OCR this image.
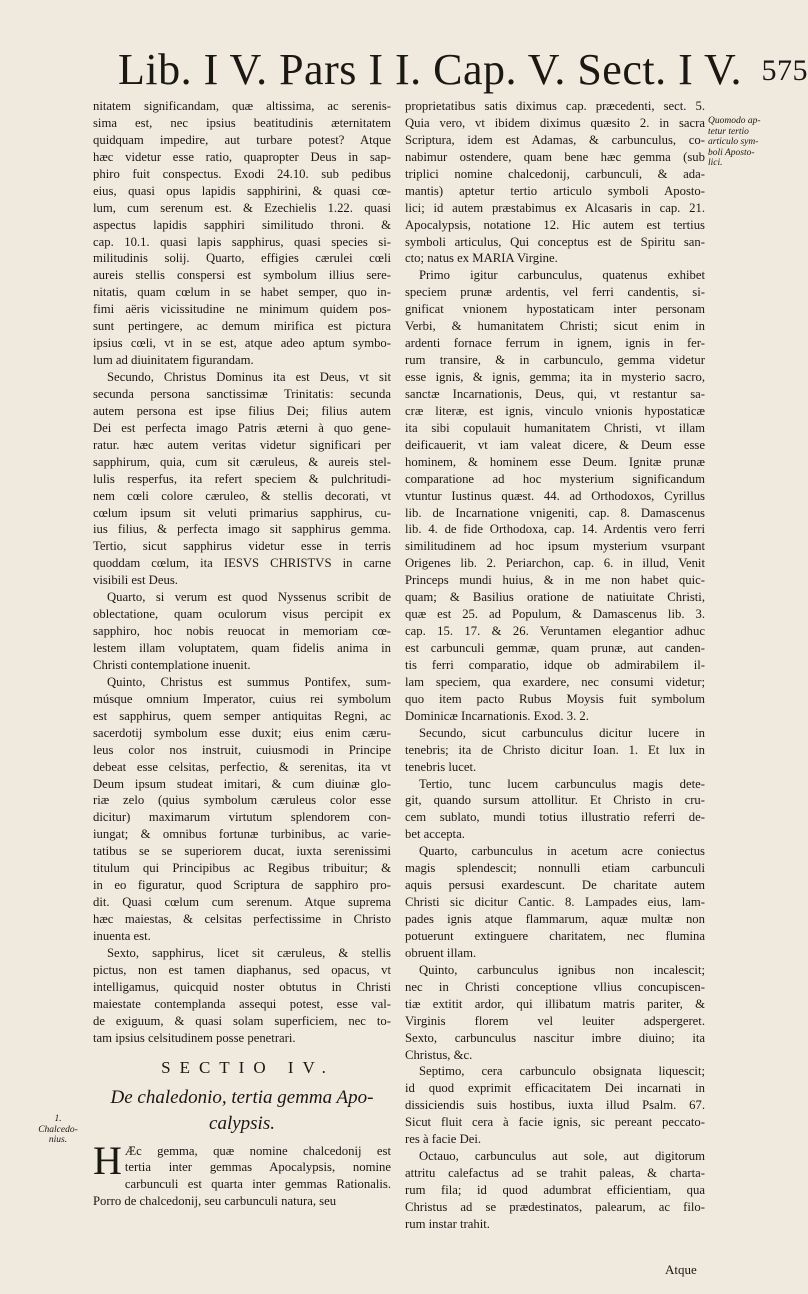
Lib. I V. Pars I I. Cap. V. Sect. I V. 575
Quomodo ap-
tetur tertio
articulo sym-
boli Aposto-
lici.
nitatem significandam, quæ altissima, ac serenis-
sima est, nec ipsius beatitudinis æternitatem
quidquam impedire, aut turbare potest? Atque
hæc videtur esse ratio, quapropter Deus in sap-
phiro fuit conspectus. Exodi 24.10. sub pedibus
eius, quasi opus lapidis sapphirini, & quasi cœ-
lum, cum serenum est. & Ezechielis 1.22. quasi
aspectus lapidis sapphiri similitudo throni. &
cap. 10.1. quasi lapis sapphirus, quasi species si-
militudinis solij. Quarto, effigies cærulei cœli
aureis stellis conspersi est symbolum illius sere-
nitatis, quam cœlum in se habet semper, quo in-
fimi aëris vicissitudine ne minimum quidem pos-
sunt pertingere, ac demum mirifica est pictura
ipsius cœli, vt in se est, atque adeo aptum symbo-
lum ad diuinitatem figurandam.
Secundo, Christus Dominus ita est Deus, vt sit
secunda persona sanctissimæ Trinitatis: secunda
autem persona est ipse filius Dei; filius autem
Dei est perfecta imago Patris æterni à quo gene-
ratur. hæc autem veritas videtur significari per
sapphirum, quia, cum sit cæruleus, & aureis stel-
lulis resperfus, ita refert speciem & pulchritudi-
nem cœli colore cæruleo, & stellis decorati, vt
cœlum ipsum sit veluti primarius sapphirus, cu-
ius filius, & perfecta imago sit sapphirus gemma.
Tertio, sicut sapphirus videtur esse in terris
quoddam cœlum, ita IESVS CHRISTVS in carne
visibili est Deus.
Quarto, si verum est quod Nyssenus scribit de
oblectatione, quam oculorum visus percipit ex
sapphiro, hoc nobis reuocat in memoriam cœ-
lestem illam voluptatem, quam fidelis anima in
Christi contemplatione inuenit.
Quinto, Christus est summus Pontifex, sum-
músque omnium Imperator, cuius rei symbolum
est sapphirus, quem semper antiquitas Regni, ac
sacerdotij symbolum esse duxit; eius enim cæru-
leus color nos instruit, cuiusmodi in Principe
debeat esse celsitas, perfectio, & serenitas, ita vt
Deum ipsum studeat imitari, & cum diuinæ glo-
riæ zelo (quius symbolum cæruleus color esse
dicitur) maximarum virtutum splendorem con-
iungat; & omnibus fortunæ turbinibus, ac varie-
tatibus se se superiorem ducat, iuxta serenissimi
titulum qui Principibus ac Regibus tribuitur; &
in eo figuratur, quod Scriptura de sapphiro pro-
dit. Quasi cœlum cum serenum. Atque suprema
hæc maiestas, & celsitas perfectissime in Christo
inuenta est.
Sexto, sapphirus, licet sit cæruleus, & stellis
pictus, non est tamen diaphanus, sed opacus, vt
intelligamus, quicquid noster obtutus in Christi
maiestate contemplanda assequi potest, esse val-
de exiguum, & quasi solam superficiem, nec to-
tam ipsius celsitudinem posse penetrari.
SECTIO IV.
De chaledonio, tertia gemma Apo-
calypsis.
H Æc gemma, quæ nomine chalcedonij est
tertia inter gemmas Apocalypsis, nomine
carbunculi est quarta inter gemmas Rationalis.
Porro de chalcedonij, seu carbunculi natura, seu
1.
Chalcedo-
nius.
proprietatibus satis diximus cap. præcedenti, sect. 5.
Quia vero, vt ibidem diximus quæsito 2. in sacra
Scriptura, idem est Adamas, & carbunculus, co-
nabimur ostendere, quam bene hæc gemma (sub
triplici nomine chalcedonij, carbunculi, & ada-
mantis) aptetur tertio articulo symboli Aposto-
lici; id autem præstabimus ex Alcasaris in cap. 21.
Apocalypsis, notatione 12. Hic autem est tertius
symboli articulus, Qui conceptus est de Spiritu san-
cto; natus ex MARIA Virgine.
Primo igitur carbunculus, quatenus exhibet
speciem prunæ ardentis, vel ferri candentis, si-
gnificat vnionem hypostaticam inter personam
Verbi, & humanitatem Christi; sicut enim in
ardenti fornace ferrum in ignem, ignis in fer-
rum transire, & in carbunculo, gemma videtur
esse ignis, & ignis, gemma; ita in mysterio sacro,
sanctæ Incarnationis, Deus, qui, vt restantur sa-
cræ literæ, est ignis, vinculo vnionis hypostaticæ
ita sibi copulauit humanitatem Christi, vt illam
deificauerit, vt iam valeat dicere, & Deum esse
hominem, & hominem esse Deum. Ignitæ prunæ
comparatione ad hoc mysterium significandum
vtuntur Iustinus quæst. 44. ad Orthodoxos, Cyrillus
lib. de Incarnatione vnigeniti, cap. 8. Damascenus
lib. 4. de fide Orthodoxa, cap. 14. Ardentis vero ferri
similitudinem ad hoc ipsum mysterium vsurpant
Origenes lib. 2. Periarchon, cap. 6. in illud, Venit
Princeps mundi huius, & in me non habet quic-
quam; & Basilius oratione de natiuitate Christi,
quæ est 25. ad Populum, & Damascenus lib. 3.
cap. 15. 17. & 26. Veruntamen elegantior adhuc
est carbunculi gemmæ, quam prunæ, aut canden-
tis ferri comparatio, idque ob admirabilem il-
lam speciem, qua exardere, nec consumi videtur;
quo item pacto Rubus Moysis fuit symbolum
Dominicæ Incarnationis. Exod. 3. 2.
Secundo, sicut carbunculus dicitur lucere in
tenebris; ita de Christo dicitur Ioan. 1. Et lux in
tenebris lucet.
Tertio, tunc lucem carbunculus magis dete-
git, quando sursum attollitur. Et Christo in cru-
cem sublato, mundi totius illustratio referri de-
bet accepta.
Quarto, carbunculus in acetum acre coniectus
magis splendescit; nonnulli etiam carbunculi
aquis persusi exardescunt. De charitate autem
Christi sic dicitur Cantic. 8. Lampades eius, lam-
pades ignis atque flammarum, aquæ multæ non
potuerunt extinguere charitatem, nec flumina
obruent illam.
Quinto, carbunculus ignibus non incalescit;
nec in Christi conceptione vllius concupiscen-
tiæ extitit ardor, qui illibatum matris pariter, &
Virginis florem vel leuiter adspergeret.
Sexto, carbunculus nascitur imbre diuino; ita
Christus, &c.
Septimo, cera carbunculo obsignata liquescit;
id quod exprimit efficacitatem Dei incarnati in
dissiciendis suis hostibus, iuxta illud Psalm. 67.
Sicut fluit cera à facie ignis, sic pereant peccato-
res à facie Dei.
Octauo, carbunculus aut sole, aut digitorum
attritu calefactus ad se trahit paleas, & charta-
rum fila; id quod adumbrat efficientiam, qua
Christus ad se prædestinatos, palearum, ac filo-
rum instar trahit.
Atque
